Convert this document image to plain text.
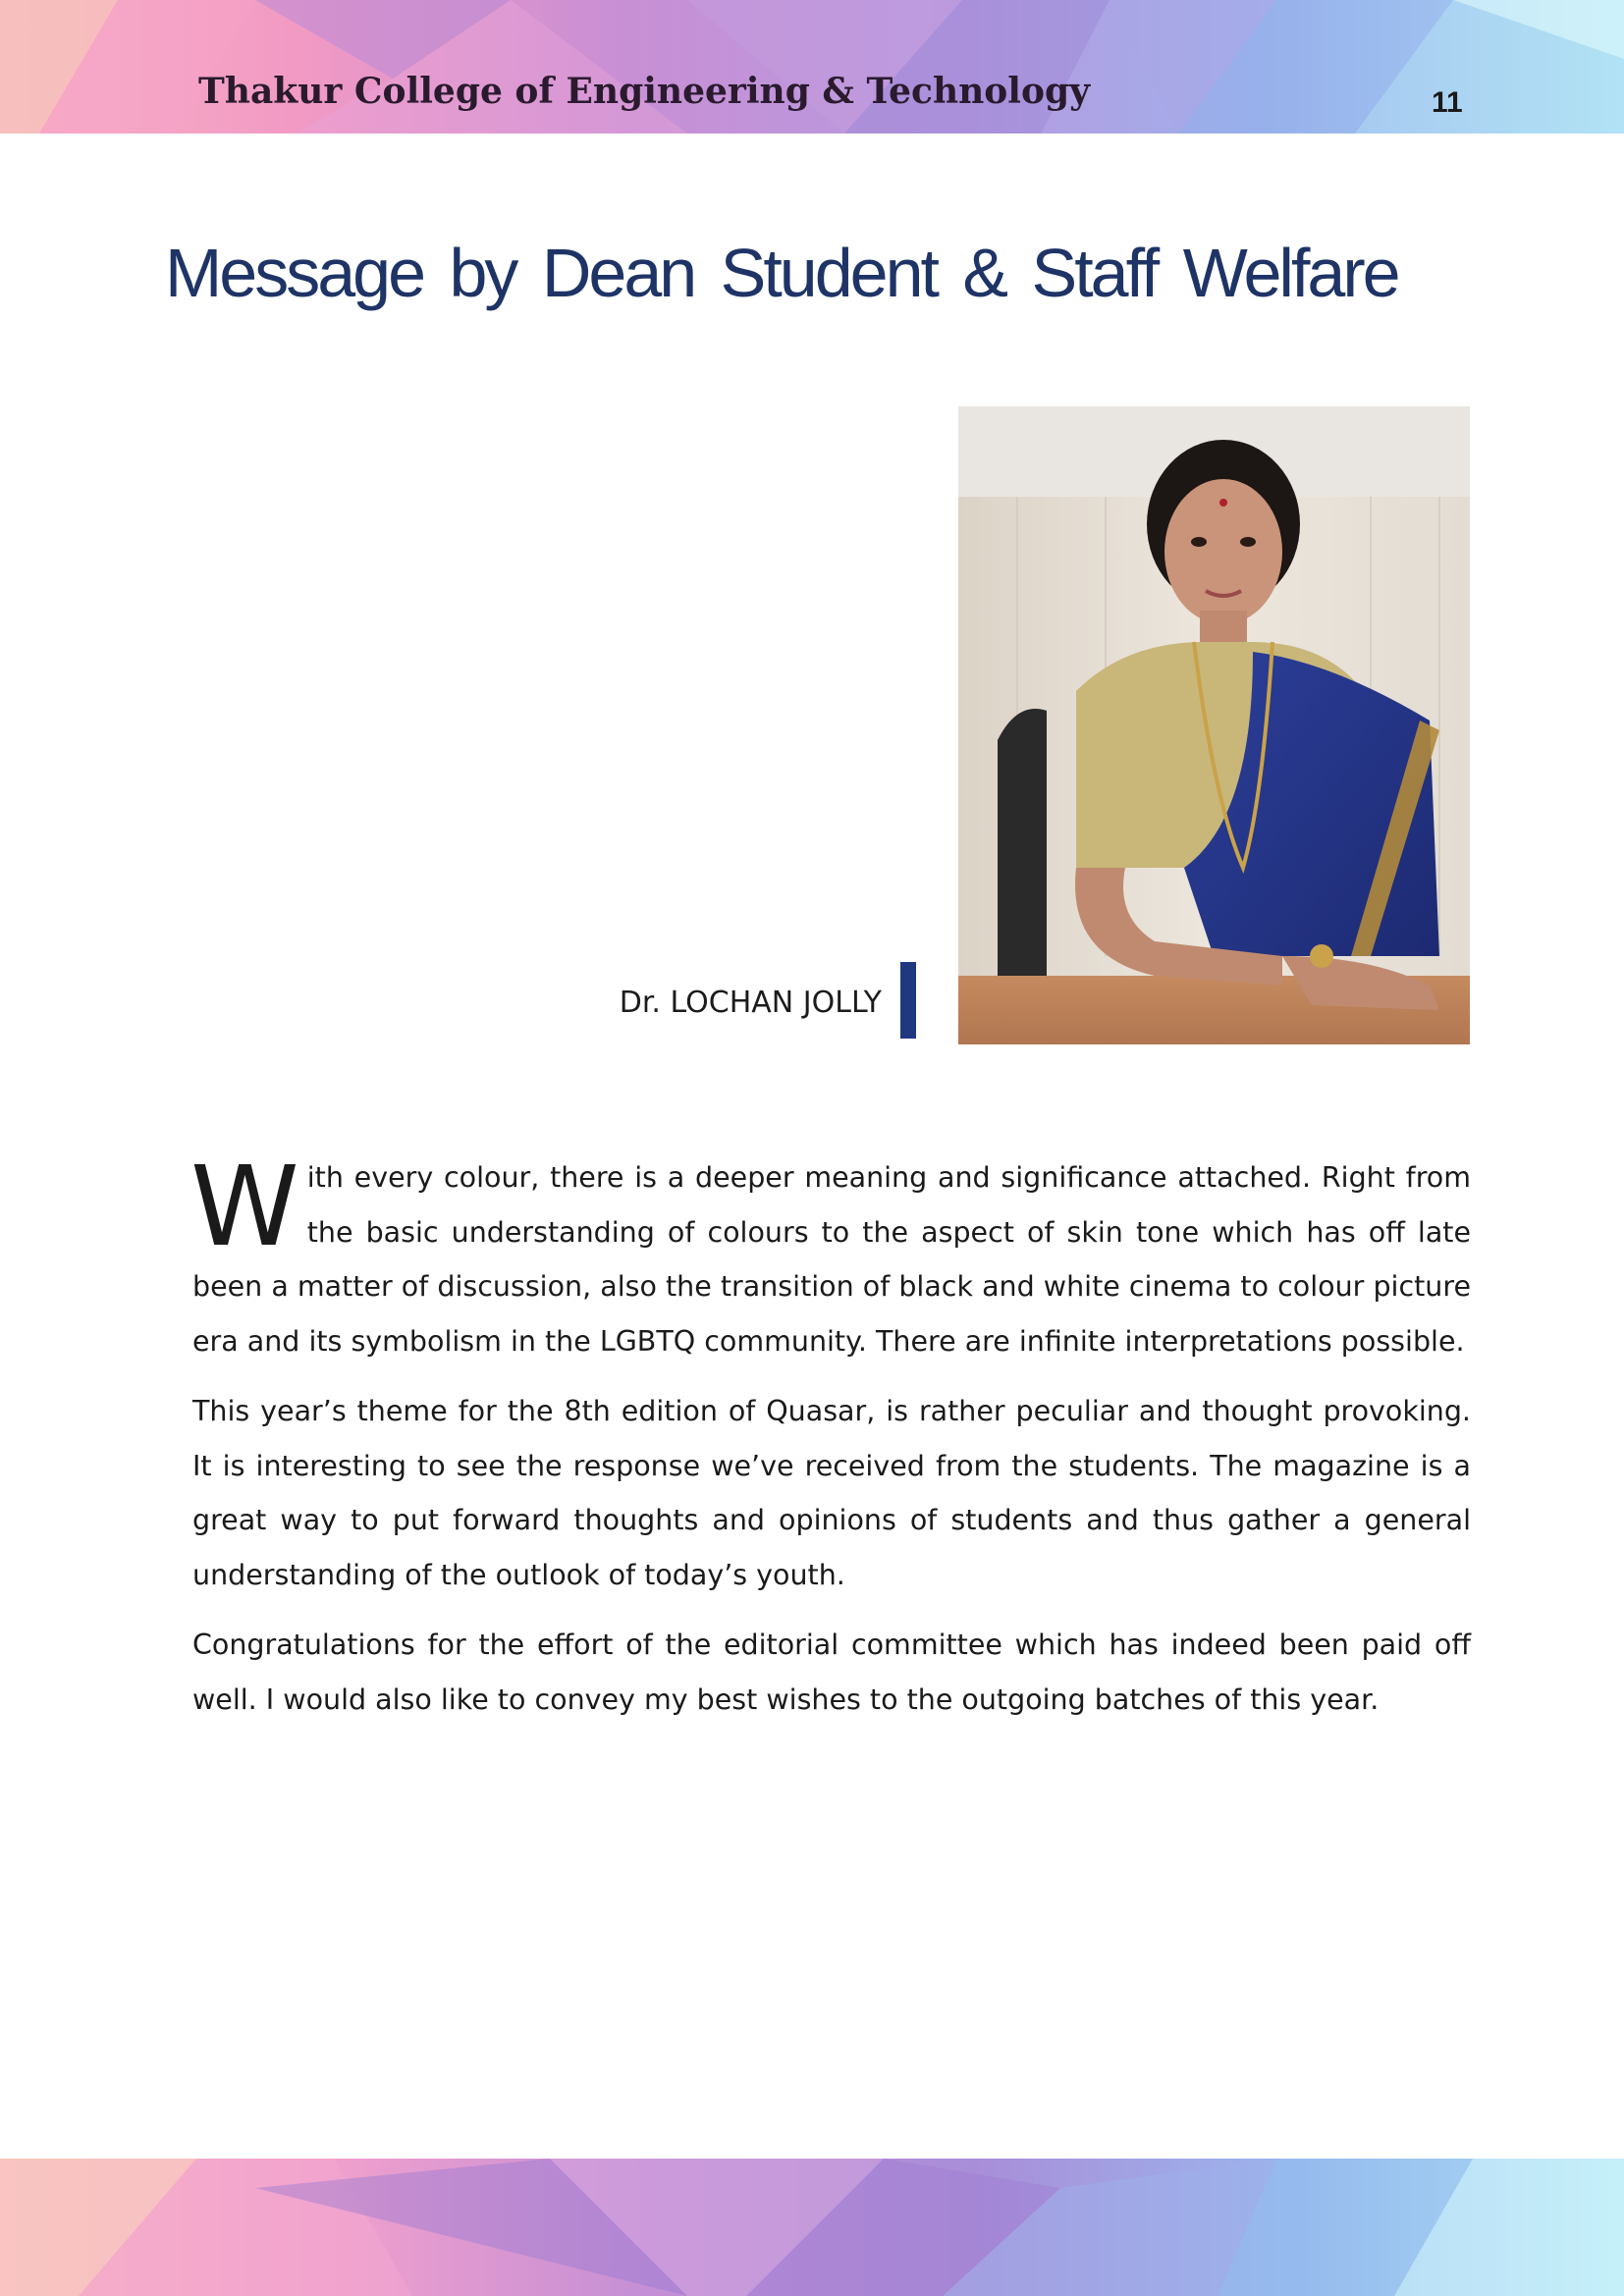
Thakur College of Engineering & Technology	11
Message by Dean Student & Staff Welfare
Dr. LOCHAN JOLLY

With every colour, there is a deeper meaning and significance attached. Right from the basic understanding of colours to the aspect of skin tone which has off late been a matter of discussion, also the transition of black and white cinema to colour picture era and its symbolism in the LGBTQ community. There are infinite interpretations possible.

This year’s theme for the 8th edition of Quasar, is rather peculiar and thought provoking. It is interesting to see the response we’ve received from the students. The magazine is a great way to put forward thoughts and opinions of students and thus gather a general understanding of the outlook of today’s youth.

Congratulations for the effort of the editorial committee which has indeed been paid off well. I would also like to convey my best wishes to the outgoing batches of this year.
